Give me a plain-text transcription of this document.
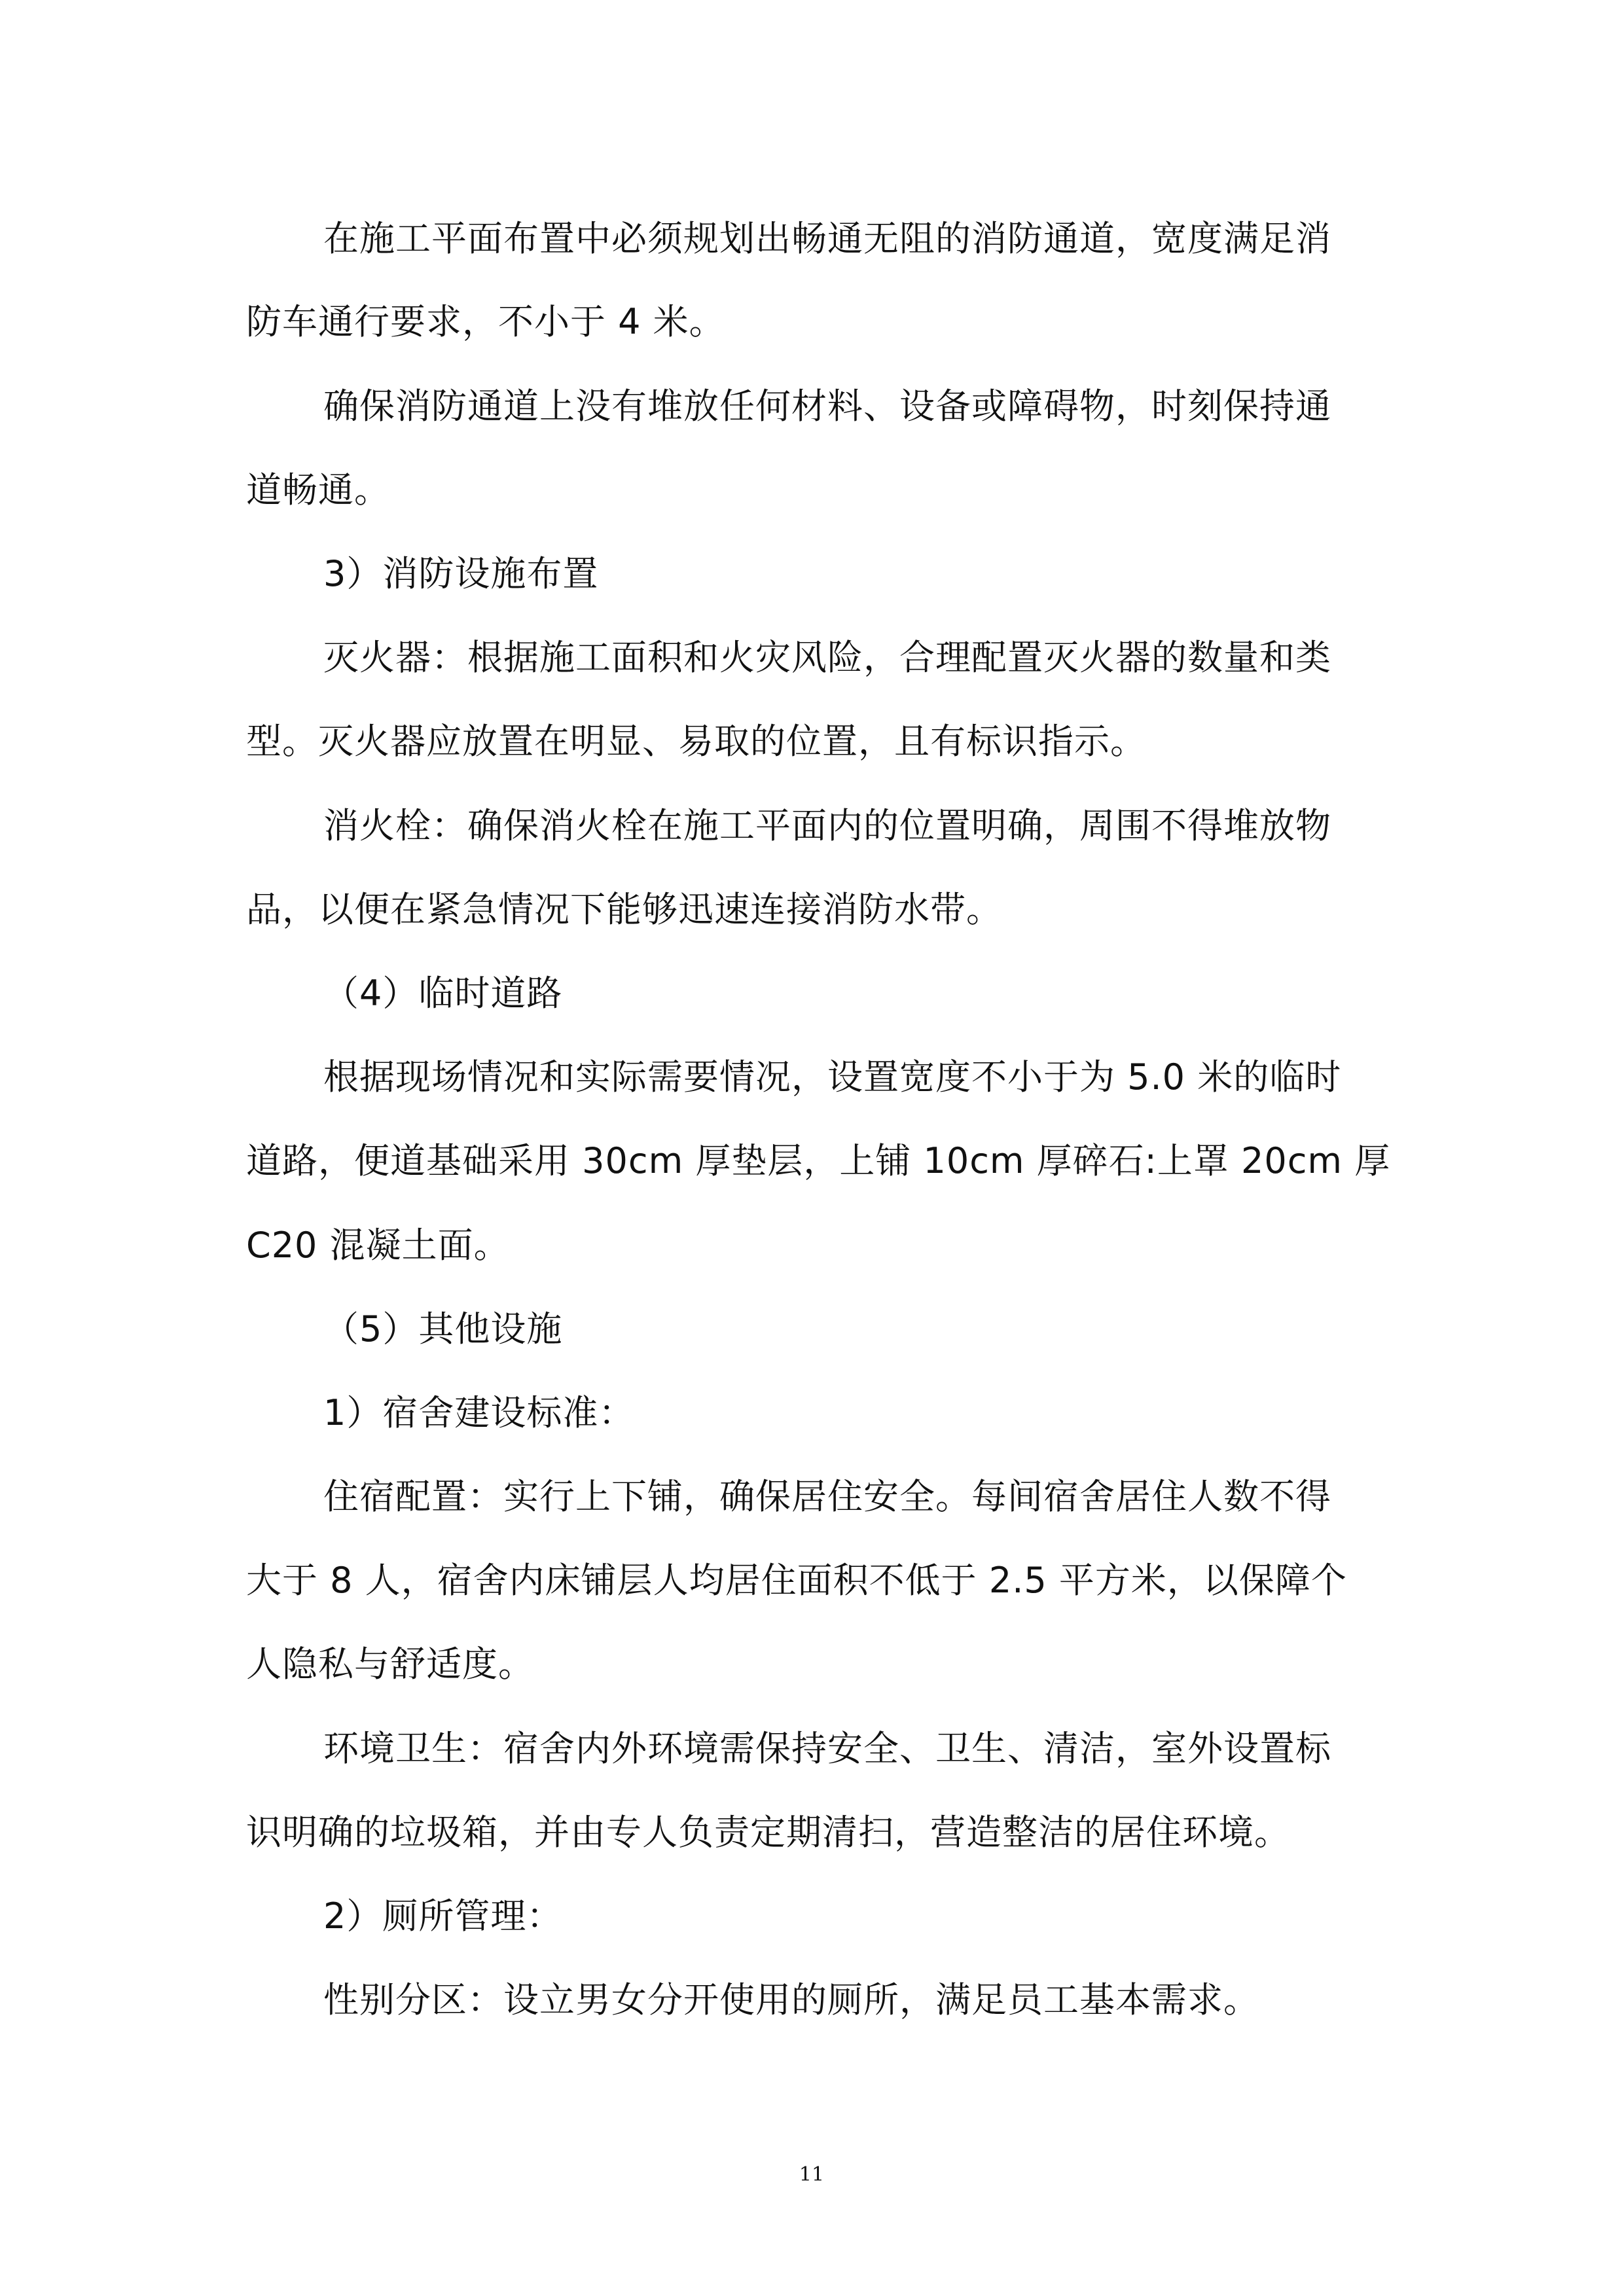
在施工平面布置中必须规划出畅通无阻的消防通道，宽度满足消
防车通行要求，不小于 4 米。
确保消防通道上没有堆放任何材料、设备或障碍物，时刻保持通
道畅通。
3）消防设施布置
灭火器：根据施工面积和火灾风险，合理配置灭火器的数量和类
型。灭火器应放置在明显、易取的位置，且有标识指示。
消火栓：确保消火栓在施工平面内的位置明确，周围不得堆放物
品，以便在紧急情况下能够迅速连接消防水带。
（4）临时道路
根据现场情况和实际需要情况，设置宽度不小于为 5.0 米的临时
道路，便道基础采用 30cm 厚垫层，上铺 10cm 厚碎石:上罩 20cm 厚
C20 混凝土面。
（5）其他设施
1）宿舍建设标准：
住宿配置：实行上下铺，确保居住安全。每间宿舍居住人数不得
大于 8 人，宿舍内床铺层人均居住面积不低于 2.5 平方米，以保障个
人隐私与舒适度。
环境卫生：宿舍内外环境需保持安全、卫生、清洁，室外设置标
识明确的垃圾箱，并由专人负责定期清扫，营造整洁的居住环境。
2）厕所管理：
性别分区：设立男女分开使用的厕所，满足员工基本需求。
11
